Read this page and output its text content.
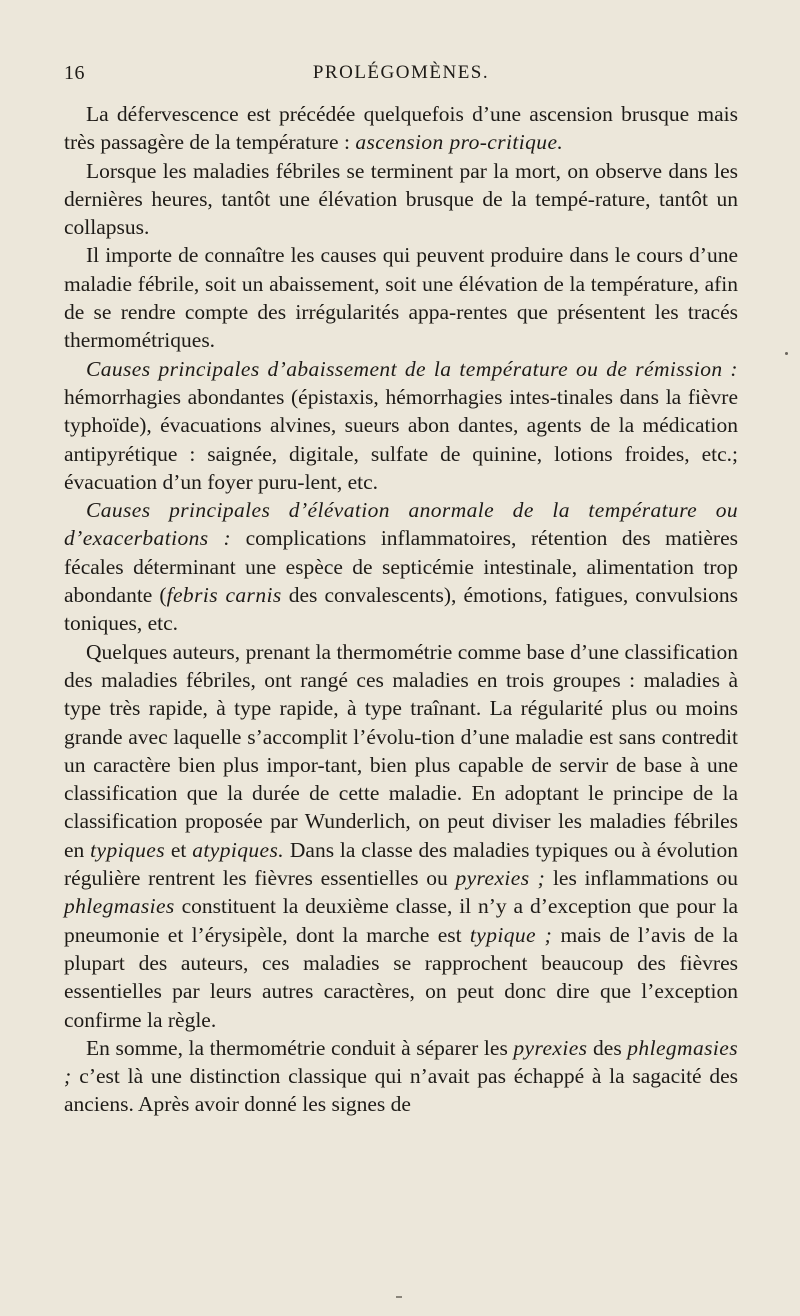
16	PROLÉGOMÈNES.

La défervescence est précédée quelquefois d’une ascension brusque mais très passagère de la température : ascension pro-critique.

Lorsque les maladies fébriles se terminent par la mort, on observe dans les dernières heures, tantôt une élévation brusque de la tempé-rature, tantôt un collapsus.

Il importe de connaître les causes qui peuvent produire dans le cours d’une maladie fébrile, soit un abaissement, soit une élévation de la température, afin de se rendre compte des irrégularités appa-rentes que présentent les tracés thermométriques.

Causes principales d’abaissement de la température ou de rémission : hémorrhagies abondantes (épistaxis, hémorrhagies intes-tinales dans la fièvre typhoïde), évacuations alvines, sueurs abon dantes, agents de la médication antipyrétique : saignée, digitale, sulfate de quinine, lotions froides, etc.; évacuation d’un foyer puru-lent, etc.

Causes principales d’élévation anormale de la température ou d’exacerbations : complications inflammatoires, rétention des matières fécales déterminant une espèce de septicémie intestinale, alimentation trop abondante (febris carnis des convalescents), émotions, fatigues, convulsions toniques, etc.

Quelques auteurs, prenant la thermométrie comme base d’une classification des maladies fébriles, ont rangé ces maladies en trois groupes : maladies à type très rapide, à type rapide, à type traînant. La régularité plus ou moins grande avec laquelle s’accomplit l’évolu-tion d’une maladie est sans contredit un caractère bien plus impor-tant, bien plus capable de servir de base à une classification que la durée de cette maladie. En adoptant le principe de la classification proposée par Wunderlich, on peut diviser les maladies fébriles en typiques et atypiques. Dans la classe des maladies typiques ou à évolution régulière rentrent les fièvres essentielles ou pyrexies ; les inflammations ou phlegmasies constituent la deuxième classe, il n’y a d’exception que pour la pneumonie et l’érysipèle, dont la marche est typique ; mais de l’avis de la plupart des auteurs, ces maladies se rapprochent beaucoup des fièvres essentielles par leurs autres caractères, on peut donc dire que l’exception confirme la règle.

En somme, la thermométrie conduit à séparer les pyrexies des phlegmasies ; c’est là une distinction classique qui n’avait pas échappé à la sagacité des anciens. Après avoir donné les signes de
